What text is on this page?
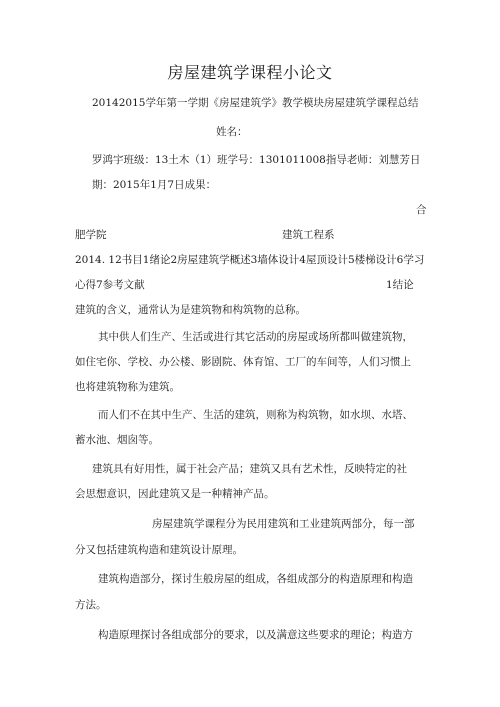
房屋建筑学课程小论文
20142015学年第一学期《房屋建筑学》教学模块房屋建筑学课程总结
姓名：
罗鸿宇班级：13土木（1）班学号：1301011008指导老师：刘慧芳日
期：2015年1月7日成果：
合
肥学院	建筑工程系
2014. 12书目1绪论2房屋建筑学概述3墙体设计4屋顶设计5楼梯设计6学习
心得7参考文献	1结论
建筑的含义，通常认为是建筑物和构筑物的总称。
其中供人们生产、生活或进行其它活动的房屋或场所都叫做建筑物，
如住宅你、学校、办公楼、影剧院、体育馆、工厂的车间等，人们习惯上
也将建筑物称为建筑。
而人们不在其中生产、生活的建筑，则称为构筑物，如水坝、水塔、
蓄水池、烟囱等。
建筑具有好用性，属于社会产品；建筑又具有艺术性，反映特定的社
会思想意识，因此建筑又是一种精神产品。
房屋建筑学课程分为民用建筑和工业建筑两部分，每一部
分又包括建筑构造和建筑设计原理。
建筑构造部分，探讨生般房屋的组成，各组成部分的构造原理和构造
方法。
构造原理探讨各组成部分的要求，以及满意这些要求的理论；构造方
